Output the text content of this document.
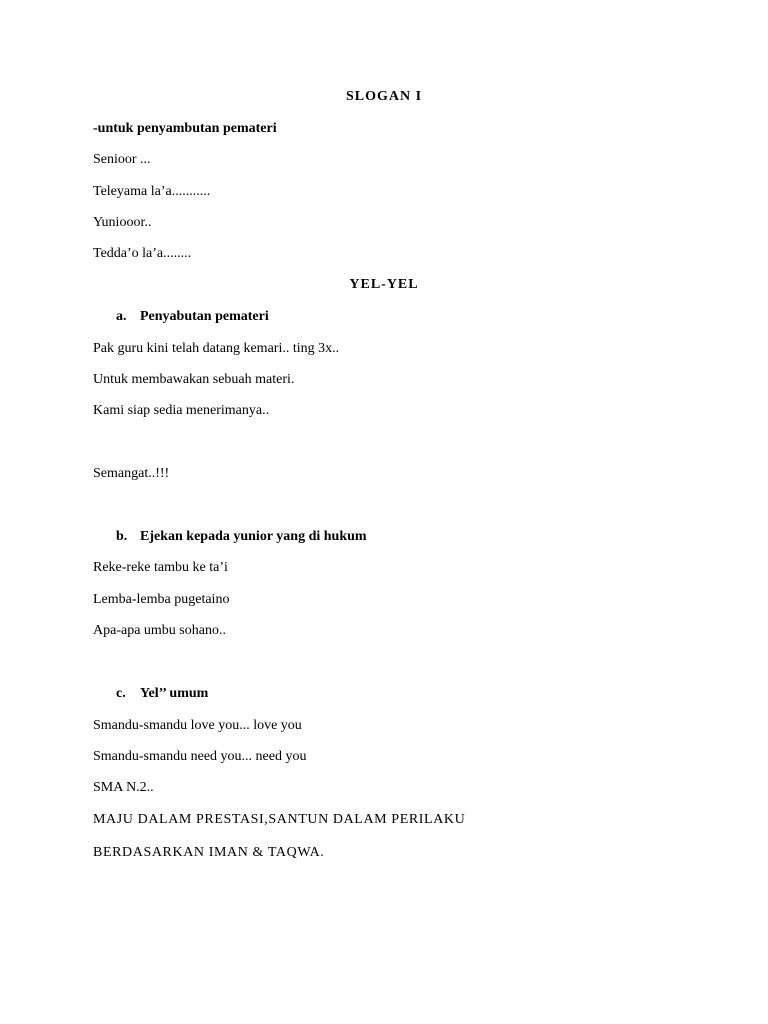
SLOGAN I
-untuk penyambutan pemateri
Senioor ...
Teleyama la’a...........
Yuniooor..
Tedda’o la’a........
YEL-YEL
a. Penyabutan pemateri
Pak guru kini telah datang kemari.. ting 3x..
Untuk membawakan sebuah materi.
Kami siap sedia menerimanya..
Semangat..!!!
b. Ejekan kepada yunior yang di hukum
Reke-reke tambu ke ta’i
Lemba-lemba pugetaino
Apa-apa umbu sohano..
c. Yel’’ umum
Smandu-smandu love you... love you
Smandu-smandu need you... need you
SMA N.2..
MAJU DALAM PRESTASI,SANTUN DALAM PERILAKU
BERDASARKAN IMAN & TAQWA.
